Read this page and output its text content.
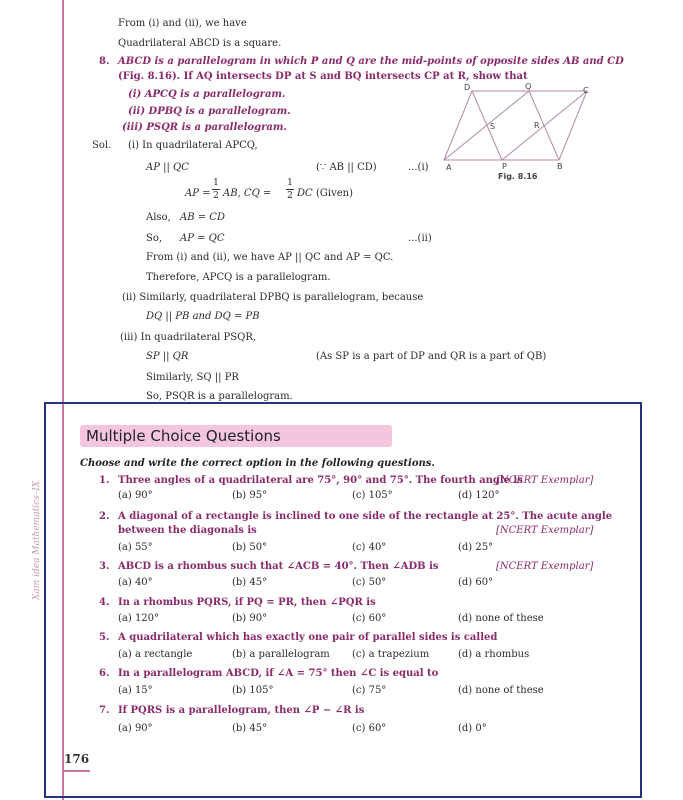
Xam idea Mathematics–IX
From (i) and (ii), we have
Quadrilateral ABCD is a square.
8. ABCD is a parallelogram in which P and Q are the mid-points of opposite sides AB and CD
(Fig. 8.16). If AQ intersects DP at S and BQ intersects CP at R, show that
(i) APCQ is a parallelogram.
(ii) DPBQ is a parallelogram.
(iii) PSQR is a parallelogram.
D	Q	C
S	R
A	P	B
Fig. 8.16
Sol. (i) In quadrilateral APCQ,
AP || QC	(∵ AB || CD)	...(i)
AP =
1
2 AB, CQ =
1
2 DC (Given)
Also, AB = CD
So, AP = QC	...(ii)
From (i) and (ii), we have AP || QC and AP = QC.
Therefore, APCQ is a parallelogram.
(ii) Similarly, quadrilateral DPBQ is parallelogram, because
DQ || PB and DQ = PB
(iii) In quadrilateral PSQR,
SP || QR	(As SP is a part of DP and QR is a part of QB)
Similarly, SQ || PR
So, PSQR is a parallelogram.
Multiple Choice Questions
Choose and write the correct option in the following questions.
1. Three angles of a quadrilateral are 75°, 90° and 75°. The fourth angle is
[NCERT Exemplar]
(a) 90°	(b) 95°	(c) 105°	(d) 120°
2. A diagonal of a rectangle is inclined to one side of the rectangle at 25°. The acute angle
between the diagonals is	[NCERT Exemplar]
(a) 55°	(b) 50°	(c) 40°	(d) 25°
3. ABCD is a rhombus such that ∠ACB = 40°. Then ∠ADB is	[NCERT Exemplar]
(a) 40°	(b) 45°	(c) 50°	(d) 60°
4. In a rhombus PQRS, if PQ = PR, then ∠PQR is
(a) 120°	(b) 90°	(c) 60°	(d) none of these
5. A quadrilateral which has exactly one pair of parallel sides is called
(a) a rectangle	(b) a parallelogram (c) a trapezium	(d) a rhombus
6. In a parallelogram ABCD, if ∠A = 75° then ∠C is equal to
(a) 15°	(b) 105°	(c) 75°	(d) none of these
7. If PQRS is a parallelogram, then ∠P − ∠R is
(a) 90°	(b) 45°	(c) 60°	(d) 0°
176
